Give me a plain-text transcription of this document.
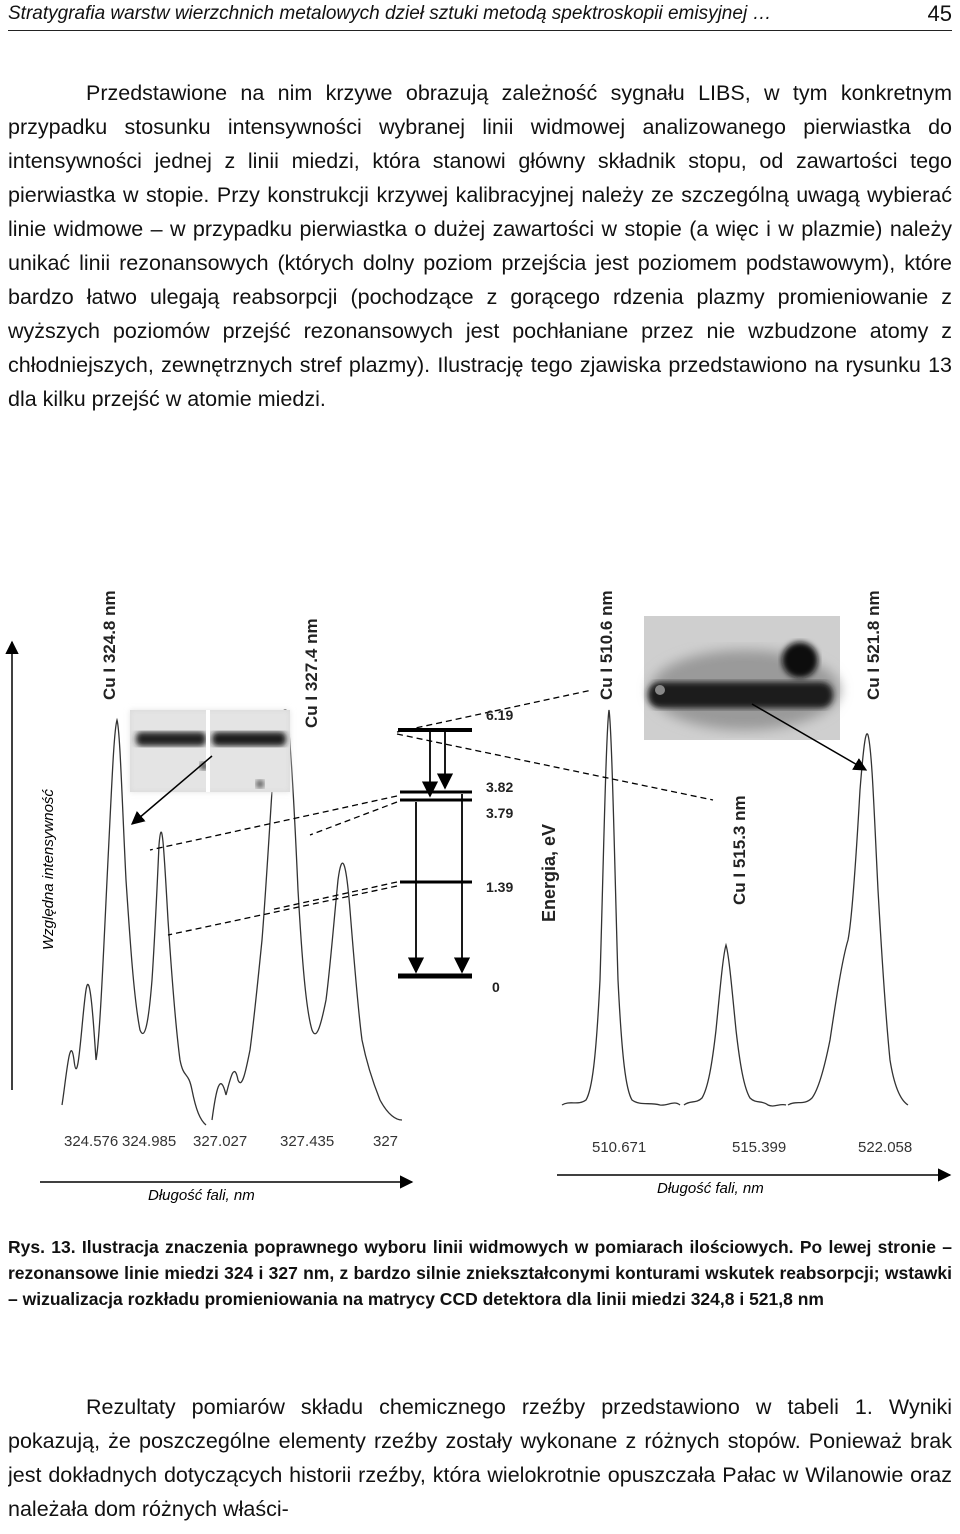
Stratygrafia warstw wierzchnich metalowych dzieł sztuki metodą spektroskopii emisyjnej …	45

Przedstawione na nim krzywe obrazują zależność sygnału LIBS, w tym konkretnym przypadku stosunku intensywności wybranej linii widmowej analizowanego pierwiastka do intensywności jednej z linii miedzi, która stanowi główny składnik stopu, od zawartości tego pierwiastka w stopie. Przy konstrukcji krzywej kalibracyjnej należy ze szczególną uwagą wybierać linie widmowe – w przypadku pierwiastka o dużej zawartości w stopie (a więc i w plazmie) należy unikać linii rezonansowych (których dolny poziom przejścia jest poziomem podstawowym), które bardzo łatwo ulegają reabsorpcji (pochodzące z gorącego rdzenia plazmy promieniowanie z wyższych poziomów przejść rezonansowych jest pochłaniane przez nie wzbudzone atomy z chłodniejszych, zewnętrznych stref plazmy). Ilustrację tego zjawiska przedstawiono na rysunku 13 dla kilku przejść w atomie miedzi.

Względna intensywność
Długość fali, nm	Długość fali, nm
6.19
3.82
3.79
1.39
0
Energia, eV
Cu I 324.8 nm	Cu I 327.4 nm	Cu I 510.6 nm
Cu I 515.3 nm
Cu I 521.8 nm
324.576 324.985 327.027 327.435	327	510.671	515.399	522.058

Rys. 13. Ilustracja znaczenia poprawnego wyboru linii widmowych w pomiarach ilościowych. Po lewej stronie – rezonansowe linie miedzi 324 i 327 nm, z bardzo silnie zniekształconymi konturami wskutek reabsorpcji; wstawki – wizualizacja rozkładu promieniowania na matrycy CCD detektora dla linii miedzi 324,8 i 521,8 nm

Rezultaty pomiarów składu chemicznego rzeźby przedstawiono w tabeli 1. Wyniki pokazują, że poszczególne elementy rzeźby zostały wykonane z różnych stopów. Ponieważ brak jest dokładnych dotyczących historii rzeźby, która wielokrotnie opuszczała Pałac w Wilanowie oraz należała dom różnych właści-
